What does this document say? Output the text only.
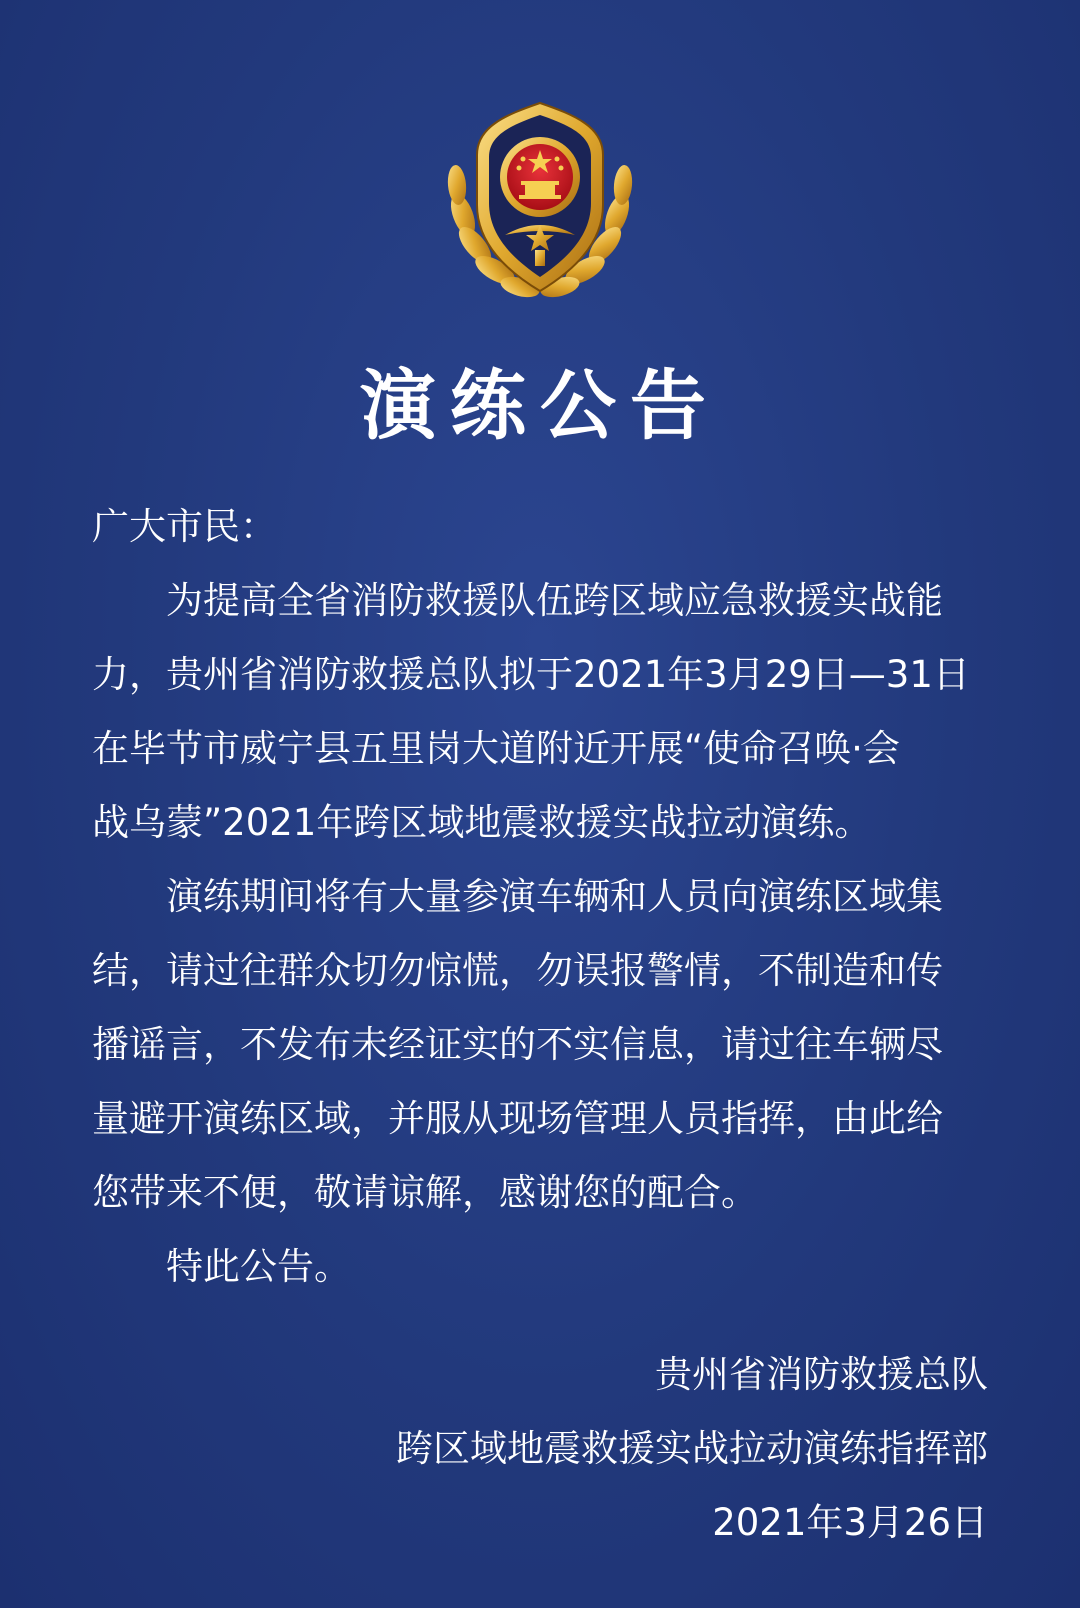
演练公告

广大市民：

为提高全省消防救援队伍跨区域应急救援实战能
力，贵州省消防救援总队拟于2021年3月29日—31日
在毕节市威宁县五里岗大道附近开展“使命召唤·会
战乌蒙”2021年跨区域地震救援实战拉动演练。

演练期间将有大量参演车辆和人员向演练区域集
结，请过往群众切勿惊慌，勿误报警情，不制造和传
播谣言，不发布未经证实的不实信息，请过往车辆尽
量避开演练区域，并服从现场管理人员指挥，由此给
您带来不便，敬请谅解，感谢您的配合。

特此公告。

贵州省消防救援总队
跨区域地震救援实战拉动演练指挥部
2021年3月26日
